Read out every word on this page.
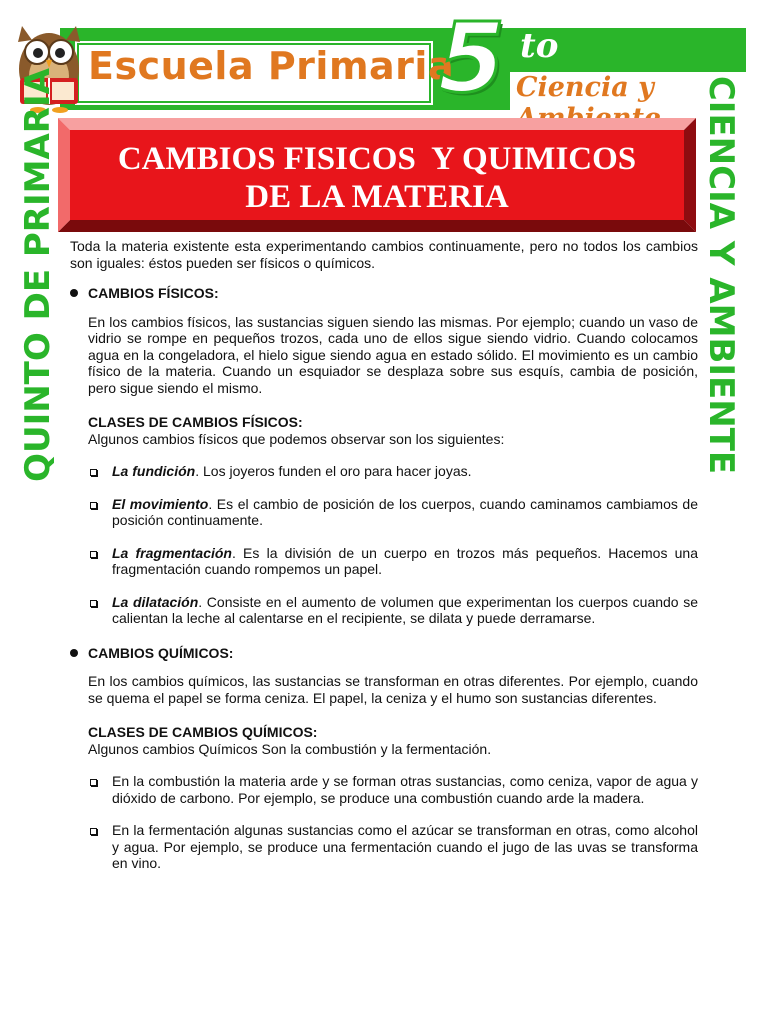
Escuela Primaria
5 to
Ciencia y
QUINTO DE PRIMARIA	CIENCIA Y AMBIENTE
CAMBIOS FISICOS  Y QUIMICOS
DE LA MATERIA

Toda la materia existente esta experimentando cambios continuamente, pero no todos los cambios son iguales: éstos pueden ser físicos o químicos.

CAMBIOS FÍSICOS:

En los cambios físicos, las sustancias siguen siendo las mismas. Por ejemplo; cuando un vaso de vidrio se rompe en pequeños trozos, cada uno de ellos sigue siendo vidrio. Cuando colocamos agua en la congeladora, el hielo sigue siendo agua en estado sólido. El movimiento es un cambio físico de la materia. Cuando un esquiador se desplaza sobre sus esquís, cambia de posición, pero sigue siendo el mismo.

CLASES DE CAMBIOS FÍSICOS:
Algunos cambios físicos que podemos observar son los siguientes:
La fundición. Los joyeros funden el oro para hacer joyas.
El movimiento. Es el cambio de posición de los cuerpos, cuando caminamos cambiamos de posición continuamente.
La fragmentación. Es la división de un cuerpo en trozos más pequeños. Hacemos una fragmentación cuando rompemos un papel.
La dilatación. Consiste en el aumento de volumen que experimentan los cuerpos cuando se calientan la leche al calentarse en el recipiente, se dilata y puede derramarse.
CAMBIOS QUÍMICOS:

En los cambios químicos, las sustancias se transforman en otras diferentes. Por ejemplo, cuando se quema el papel se forma ceniza. El papel, la ceniza y el humo son sustancias diferentes.

CLASES DE CAMBIOS QUÍMICOS:
Algunos cambios Químicos Son la combustión y la fermentación.
En la combustión la materia arde y se forman otras sustancias, como ceniza, vapor de agua y dióxido de carbono. Por ejemplo, se produce una combustión cuando arde la madera.
En la fermentación algunas sustancias como el azúcar se transforman en otras, como alcohol y agua. Por ejemplo, se produce una fermentación cuando el jugo de las uvas se transforma en vino.
